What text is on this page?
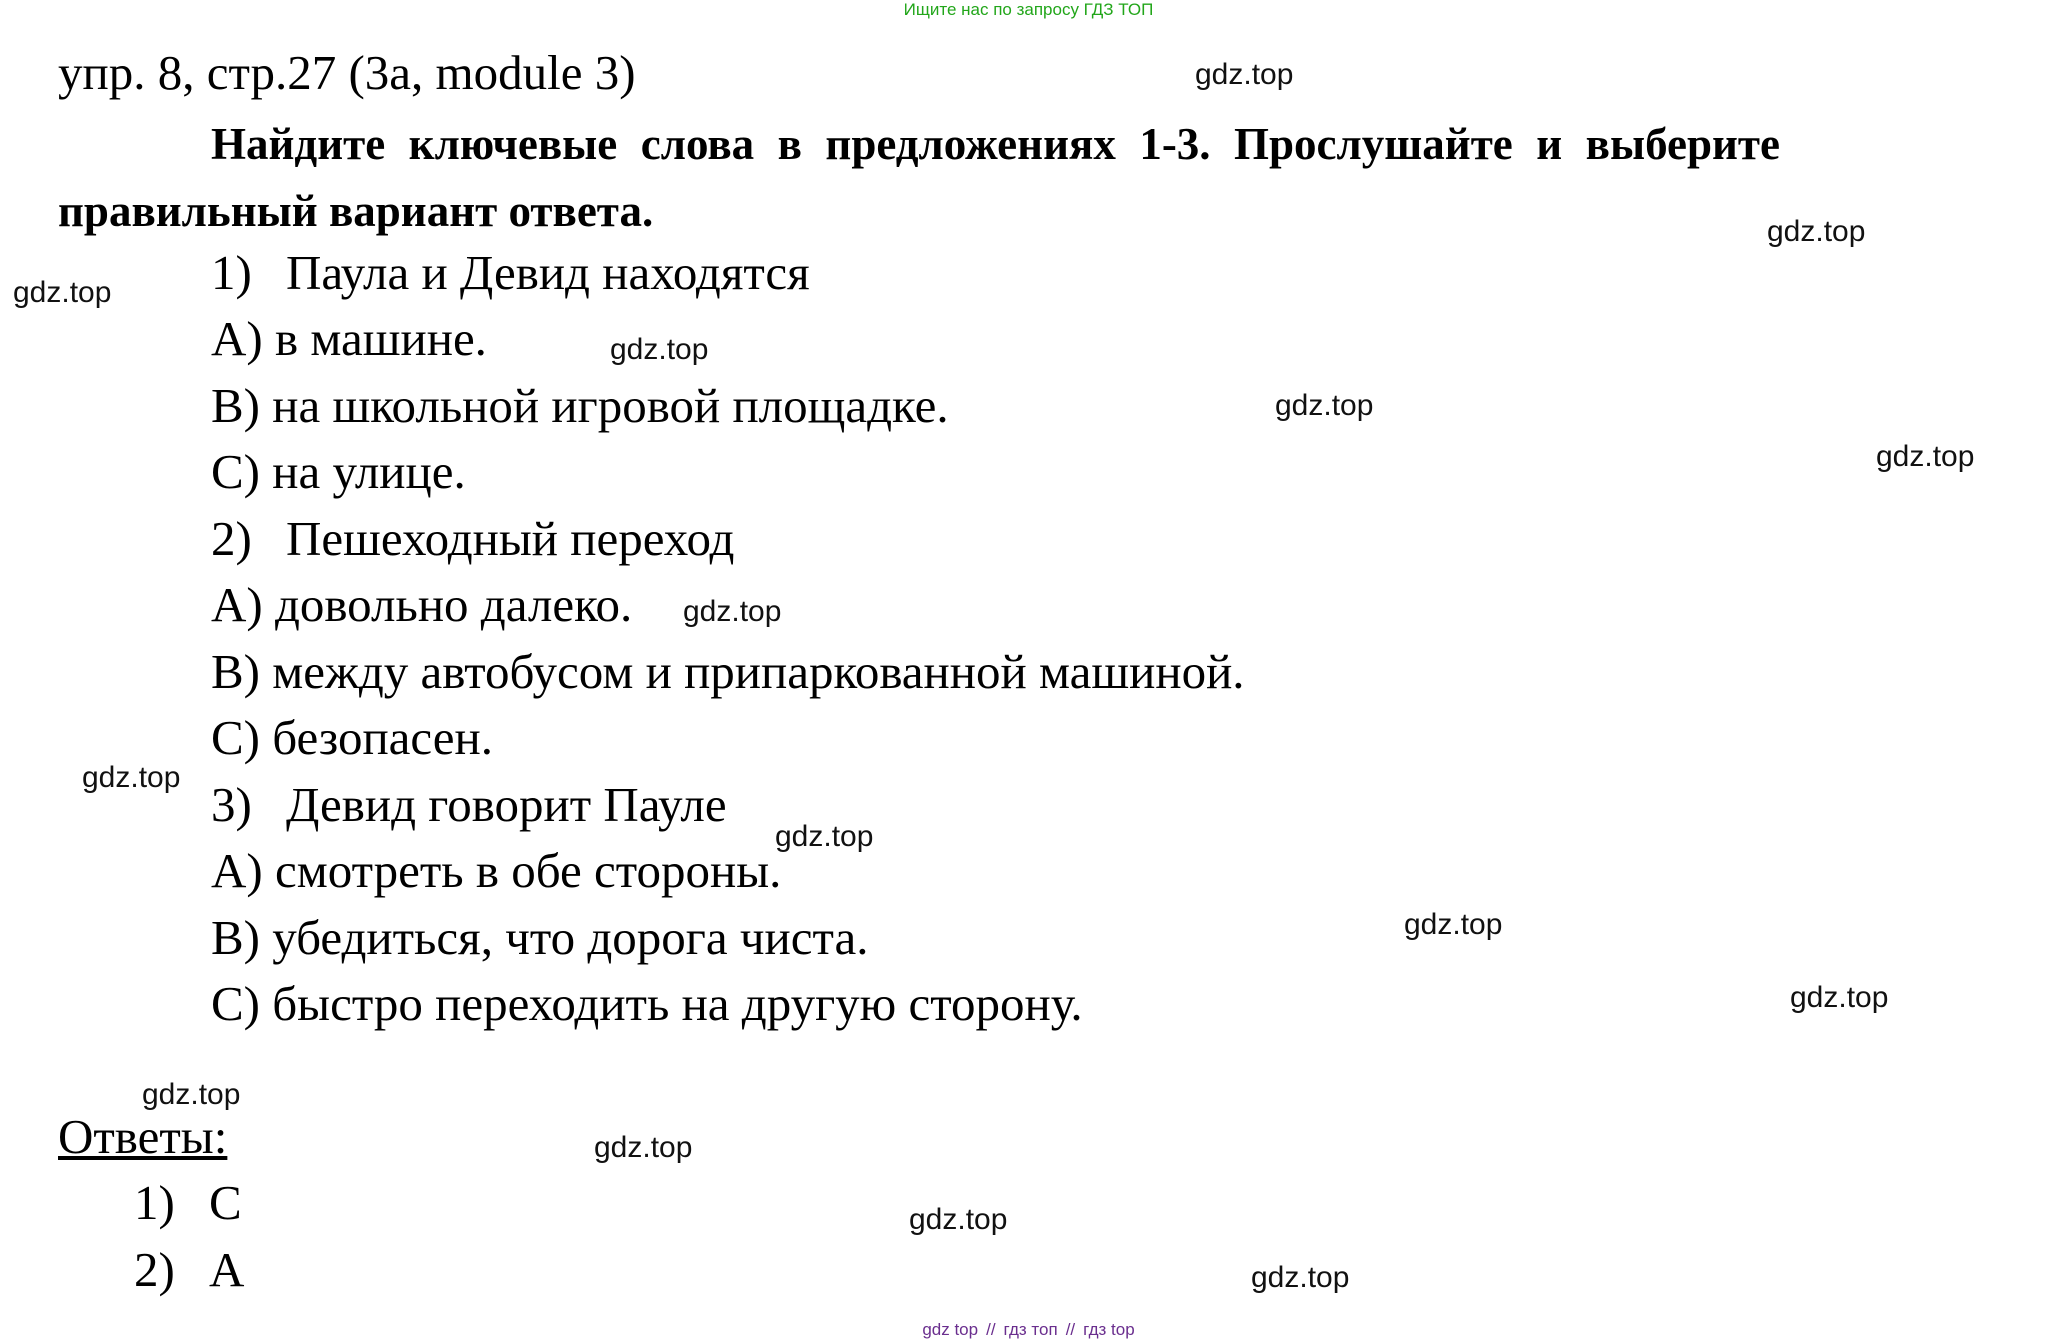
Ищите нас по запросу ГДЗ ТОП
упр. 8, стр.27 (3a, module 3)
Найдите ключевые слова в предложениях 1-3. Прослушайте и выберите правильный вариант ответа.
1) Паула и Девид находятся
A) в машине.
B) на школьной игровой площадке.
C) на улице.
2) Пешеходный переход
A) довольно далеко.
B) между автобусом и припаркованной машиной.
C) безопасен.
3) Девид говорит Пауле
A) смотреть в обе стороны.
B) убедиться, что дорога чиста.
C) быстро переходить на другую сторону.
Ответы:
1) C
2) A
gdz.top
gdz.top
gdz.top
gdz.top
gdz.top
gdz.top
gdz.top
gdz.top
gdz.top
gdz.top
gdz.top
gdz.top
gdz.top
gdz.top
gdz.top
gdz top // гдз топ // гдз top
